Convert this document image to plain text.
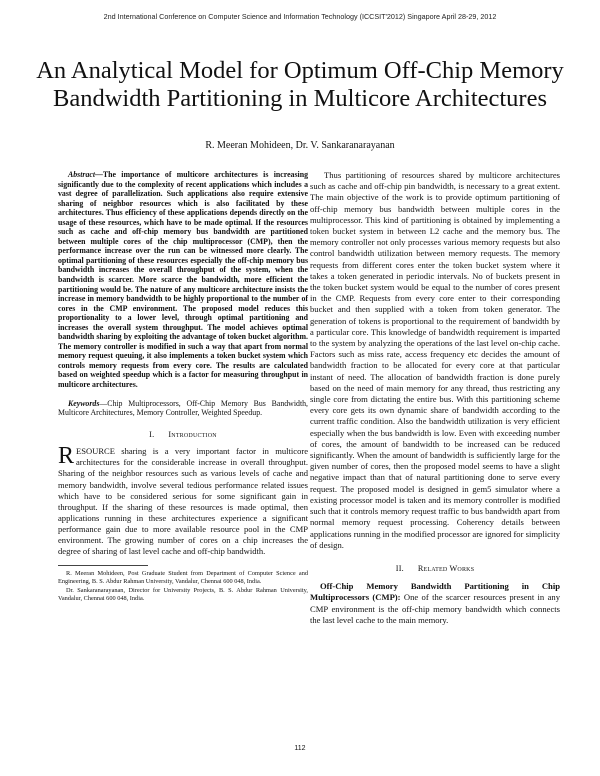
2nd International Conference on Computer Science and Information Technology (ICCSIT'2012) Singapore April 28-29, 2012
An Analytical Model for Optimum Off-Chip Memory Bandwidth Partitioning in Multicore Architectures
R. Meeran Mohideen, Dr. V. Sankaranarayanan

Abstract—The importance of multicore architectures is increasing significantly due to the complexity of recent applications which includes a vast degree of parallelization. Such applications also require extensive sharing of neighbor resources which is also facilitated by these architectures. Thus efficiency of these applications depends directly on the usage of these resources, which have to be made optimal. If the resources such as cache and off-chip memory bus bandwidth are partitioned between multiple cores of the chip multiprocessor (CMP), then the performance increase over the run can be witnessed more clearly. The optimal partitioning of these resources especially the off-chip memory bus bandwidth increases the overall throughput of the system, when the bandwidth is scarcer. More scarce the bandwidth, more efficient the partitioning would be. The nature of any multicore architecture insists the increase in memory bandwidth to be highly proportional to the number of cores in the CMP environment. The proposed model reduces this proportionality to a lower level, through optimal partitioning and increases the overall system throughput. The model achieves optimal bandwidth sharing by exploiting the advantage of token bucket algorithm. The memory controller is modified in such a way that apart from normal memory request queuing, it also implements a token bucket system which controls memory requests from every core. The results are calculated based on weighted speedup which is a factor for measuring throughput in multicore architectures.

Keywords—Chip Multiprocessors, Off-Chip Memory Bus Bandwidth, Multicore Architectures, Memory Controller, Weighted Speedup.

I. Introduction

RESOURCE sharing is a very important factor in multicore architectures for the considerable increase in overall throughput. Sharing of the neighbor resources such as various levels of cache and memory bandwidth, involve several tedious performance related issues which have to be considered serious for some significant gain in throughput. If the sharing of these resources is made optimal, then applications running in these architectures experience a significant performance gain due to more available resource pool in the CMP environment. The growing number of cores on a chip increases the degree of sharing of last level cache and off-chip bandwidth.

R. Meeran Mohideen, Post Graduate Student from Department of Computer Science and Engineering, B. S. Abdur Rahman University, Vandalur, Chennai 600 048, India.

Dr. Sankaranarayanan, Director for University Projects, B. S. Abdur Rahman University, Vandalur, Chennai 600 048, India.

Thus partitioning of resources shared by multicore architectures such as cache and off-chip pin bandwidth, is necessary to a great extent. The main objective of the work is to provide optimum partitioning of off-chip memory bus bandwidth between multiple cores in the multiprocessor. This kind of partitioning is obtained by implementing a token bucket system in between L2 cache and the memory bus. The memory controller not only processes various memory requests but also control bandwidth utilization between memory requests. The memory requests from different cores enter the token bucket system where it takes a token generated in periodic intervals. No of buckets present in the token bucket system would be equal to the number of cores present in the CMP. Requests from every core enter to their corresponding bucket and then supplied with a token from token generator. The generation of tokens is proportional to the requirement of bandwidth by a particular core. This knowledge of bandwidth requirement is imparted to the system by analyzing the operations of the last level on-chip cache. Factors such as miss rate, access frequency etc decides the amount of bandwidth fraction to be allocated for every core at that particular instant of need. The allocation of bandwidth fraction is done purely based on the need of main memory for any thread, thus restricting any single core from dictating the entire bus. With this partitioning scheme every core gets its own dynamic share of bandwidth according to the current traffic condition. Also the bandwidth utilization is very efficient especially when the bus bandwidth is low. Even with exceeding number of cores, the amount of bandwidth to be increased can be reduced significantly. When the amount of bandwidth is sufficiently large for the given number of cores, then the proposed model seems to have a slight negative impact than that of natural partitioning done to serve every request. The proposed model is designed in gem5 simulator where a existing processor model is taken and its memory controller is modified such that it controls memory request traffic to bus bandwidth apart from normal memory request processing. Coherency details between applications running in the modified processor are ignored for simplicity of design.

II. Related Works

Off-Chip Memory Bandwidth Partitioning in Chip Multiprocessors (CMP): One of the scarcer resources present in any CMP environment is the off-chip memory bandwidth which connects the last level cache to the main memory.

112
